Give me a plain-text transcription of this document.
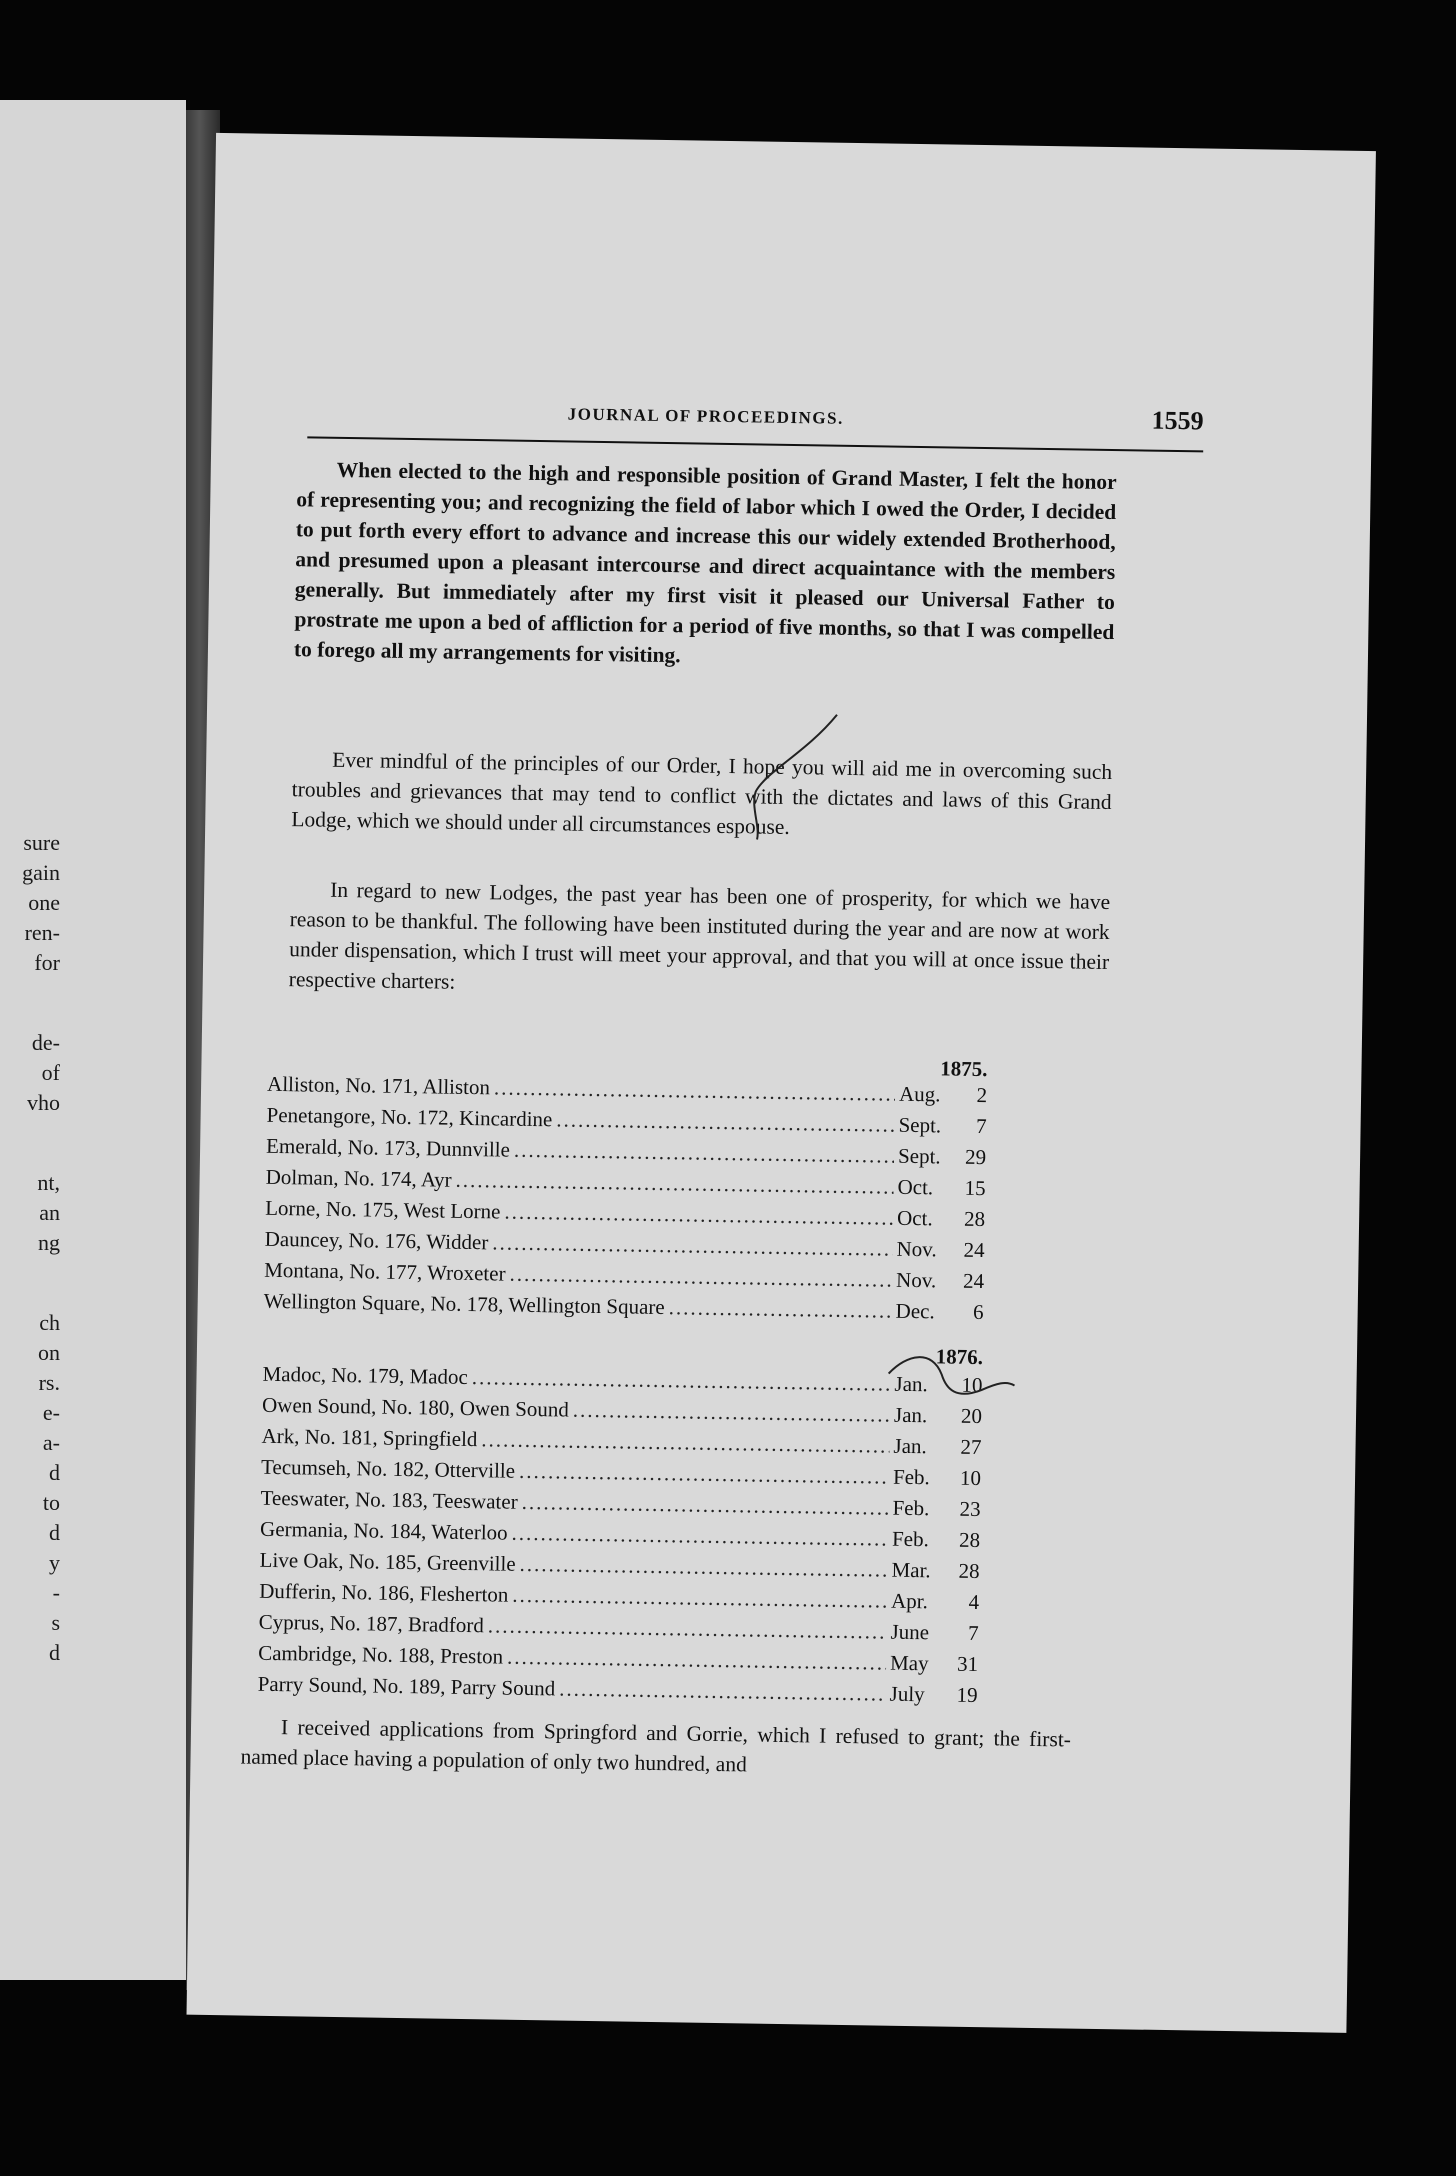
sure
gain
one
ren-
for
de-
of
vho
nt,
an
ng
ch
on
rs.
e-
a-
d
to
d
y
-
s
d
JOURNAL OF PROCEEDINGS.	1559

When elected to the high and responsible position of Grand Master, I felt the honor of representing you; and recognizing the field of labor which I owed the Order, I decided to put forth every effort to advance and increase this our widely extended Brotherhood, and presumed upon a pleasant intercourse and direct acquaintance with the members generally. But immediately after my first visit it pleased our Universal Father to prostrate me upon a bed of affliction for a period of five months, so that I was compelled to forego all my arrangements for visiting.

Ever mindful of the principles of our Order, I hope you will aid me in overcoming such troubles and grievances that may tend to conflict with the dictates and laws of this Grand Lodge, which we should under all circumstances espouse.

In regard to new Lodges, the past year has been one of prosperity, for which we have reason to be thankful. The following have been instituted during the year and are now at work under dispensation, which I trust will meet your approval, and that you will at once issue their respective charters:

1875.
Alliston, No. 171, Alliston .....	Aug.	2
Penetangore, No. 172, Kincardine .....	Sept.	7
Emerald, No. 173, Dunnville .....	Sept.	29
Dolman, No. 174, Ayr .....	Oct.	15
Lorne, No. 175, West Lorne .....	Oct.	28
Dauncey, No. 176, Widder .....	Nov.	24
Montana, No. 177, Wroxeter .....	Nov.	24
Wellington Square, No. 178, Wellington Square .....	Dec.	6
1876.
Madoc, No. 179, Madoc .....	Jan.	10
Owen Sound, No. 180, Owen Sound .....	Jan.	20
Ark, No. 181, Springfield .....	Jan.	27
Tecumseh, No. 182, Otterville .....	Feb.	10
Teeswater, No. 183, Teeswater .....	Feb.	23
Germania, No. 184, Waterloo .....	Feb.	28
Live Oak, No. 185, Greenville .....	Mar.	28
Dufferin, No. 186, Flesherton .....	Apr.	4
Cyprus, No. 187, Bradford .....	June	7
Cambridge, No. 188, Preston .....	May	31
Parry Sound, No. 189, Parry Sound .....	July	19

I received applications from Springford and Gorrie, which I refused to grant; the first-named place having a population of only two hundred, and
